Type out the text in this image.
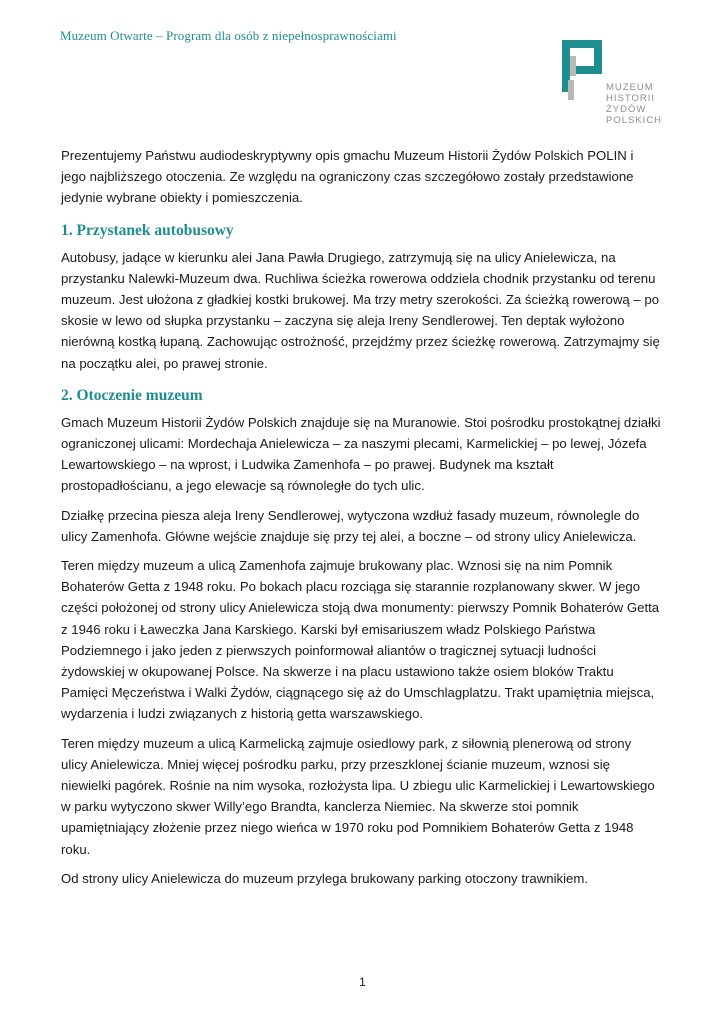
Muzeum Otwarte – Program dla osób z niepełnosprawnościami
MUZEUM
HISTORII
ŻYDÓW
POLSKICH

Prezentujemy Państwu audiodeskryptywny opis gmachu Muzeum Historii Żydów Polskich POLIN i jego najbliższego otoczenia. Ze względu na ograniczony czas szczegółowo zostały przedstawione jedynie wybrane obiekty i pomieszczenia.

1. Przystanek autobusowy

Autobusy, jadące w kierunku alei Jana Pawła Drugiego, zatrzymują się na ulicy Anielewicza, na przystanku Nalewki-Muzeum dwa. Ruchliwa ścieżka rowerowa oddziela chodnik przystanku od terenu muzeum. Jest ułożona z gładkiej kostki brukowej. Ma trzy metry szerokości. Za ścieżką rowerową – po skosie w lewo od słupka przystanku – zaczyna się aleja Ireny Sendlerowej. Ten deptak wyłożono nierówną kostką łupaną. Zachowując ostrożność, przejdźmy przez ścieżkę rowerową. Zatrzymajmy się na początku alei, po prawej stronie.

2. Otoczenie muzeum

Gmach Muzeum Historii Żydów Polskich znajduje się na Muranowie. Stoi pośrodku prostokątnej działki ograniczonej ulicami: Mordechaja Anielewicza – za naszymi plecami, Karmelickiej – po lewej, Józefa Lewartowskiego – na wprost, i Ludwika Zamenhofa – po prawej. Budynek ma kształt prostopadłościanu, a jego elewacje są równoległe do tych ulic.

Działkę przecina piesza aleja Ireny Sendlerowej, wytyczona wzdłuż fasady muzeum, równolegle do ulicy Zamenhofa. Główne wejście znajduje się przy tej alei, a boczne – od strony ulicy Anielewicza.

Teren między muzeum a ulicą Zamenhofa zajmuje brukowany plac. Wznosi się na nim Pomnik Bohaterów Getta z 1948 roku. Po bokach placu rozciąga się starannie rozplanowany skwer. W jego części położonej od strony ulicy Anielewicza stoją dwa monumenty: pierwszy Pomnik Bohaterów Getta z 1946 roku i Ławeczka Jana Karskiego. Karski był emisariuszem władz Polskiego Państwa Podziemnego i jako jeden z pierwszych poinformował aliantów o tragicznej sytuacji ludności żydowskiej w okupowanej Polsce. Na skwerze i na placu ustawiono także osiem bloków Traktu Pamięci Męczeństwa i Walki Żydów, ciągnącego się aż do Umschlagplatzu. Trakt upamiętnia miejsca, wydarzenia i ludzi związanych z historią getta warszawskiego.

Teren między muzeum a ulicą Karmelicką zajmuje osiedlowy park, z siłownią plenerową od strony ulicy Anielewicza. Mniej więcej pośrodku parku, przy przeszklonej ścianie muzeum, wznosi się niewielki pagórek. Rośnie na nim wysoka, rozłożysta lipa. U zbiegu ulic Karmelickiej i Lewartowskiego w parku wytyczono skwer Willy’ego Brandta, kanclerza Niemiec. Na skwerze stoi pomnik upamiętniający złożenie przez niego wieńca w 1970 roku pod Pomnikiem Bohaterów Getta z 1948 roku.

Od strony ulicy Anielewicza do muzeum przylega brukowany parking otoczony trawnikiem.

1
